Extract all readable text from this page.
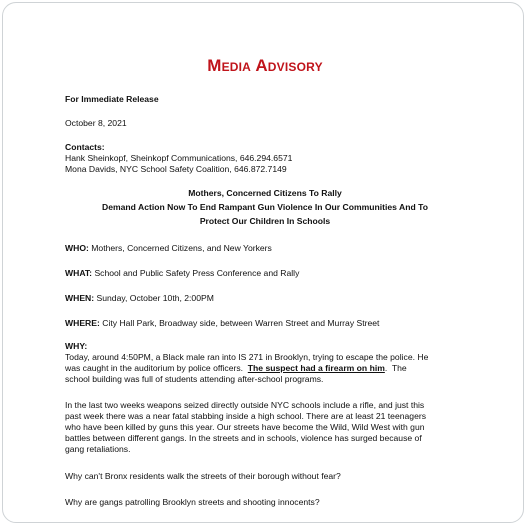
Media Advisory
For Immediate Release
October 8, 2021
Contacts:
Hank Sheinkopf, Sheinkopf Communications, 646.294.6571
Mona Davids, NYC School Safety Coalition, 646.872.7149
Mothers, Concerned Citizens To Rally
Demand Action Now To End Rampant Gun Violence In Our Communities And To
Protect Our Children In Schools
WHO: Mothers, Concerned Citizens, and New Yorkers
WHAT: School and Public Safety Press Conference and Rally
WHEN: Sunday, October 10th, 2:00PM
WHERE: City Hall Park, Broadway side, between Warren Street and Murray Street
WHY:
Today, around 4:50PM, a Black male ran into IS 271 in Brooklyn, trying to escape the police. He
was caught in the auditorium by police officers.  The suspect had a firearm on him.  The
school building was full of students attending after-school programs.
In the last two weeks weapons seized directly outside NYC schools include a rifle, and just this
past week there was a near fatal stabbing inside a high school. There are at least 21 teenagers
who have been killed by guns this year. Our streets have become the Wild, Wild West with gun
battles between different gangs. In the streets and in schools, violence has surged because of
gang retaliations.
Why can't Bronx residents walk the streets of their borough without fear?
Why are gangs patrolling Brooklyn streets and shooting innocents?
